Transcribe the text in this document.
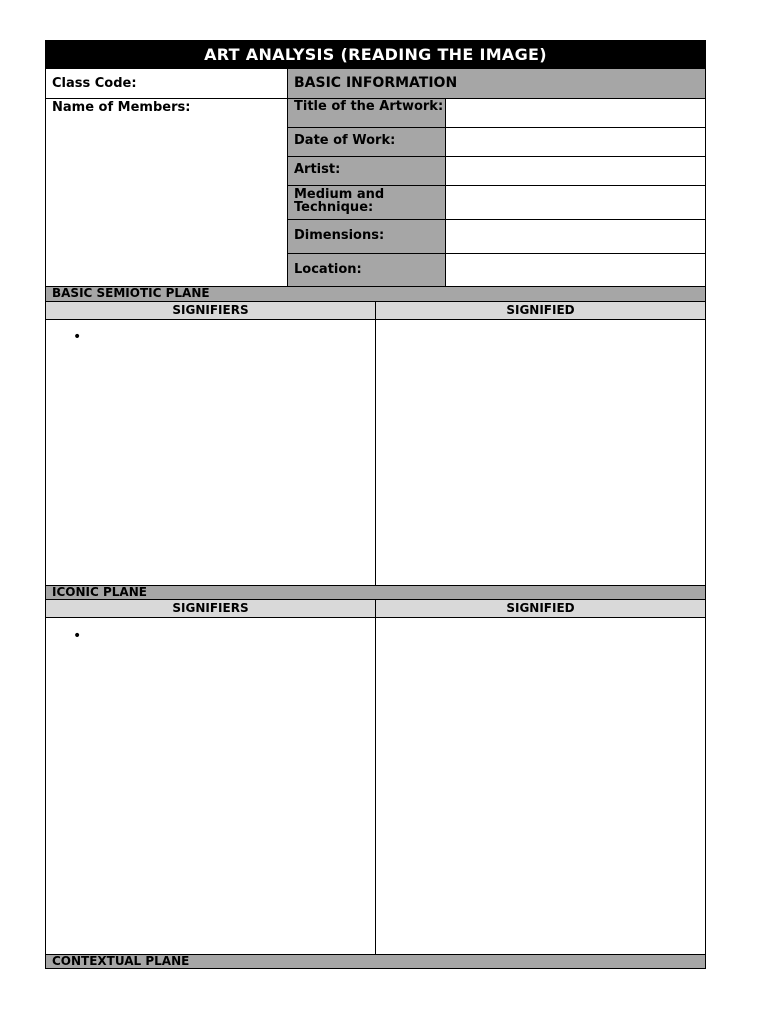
ART ANALYSIS (READING THE IMAGE)
Class Code:	BASIC INFORMATION
Name of Members:	Title of the Artwork:
Date of Work:
Artist:
Medium and Technique:
Dimensions:
Location:
BASIC SEMIOTIC PLANE
SIGNIFIERS	SIGNIFIED
•
ICONIC PLANE
SIGNIFIERS	SIGNIFIED
•
CONTEXTUAL PLANE
